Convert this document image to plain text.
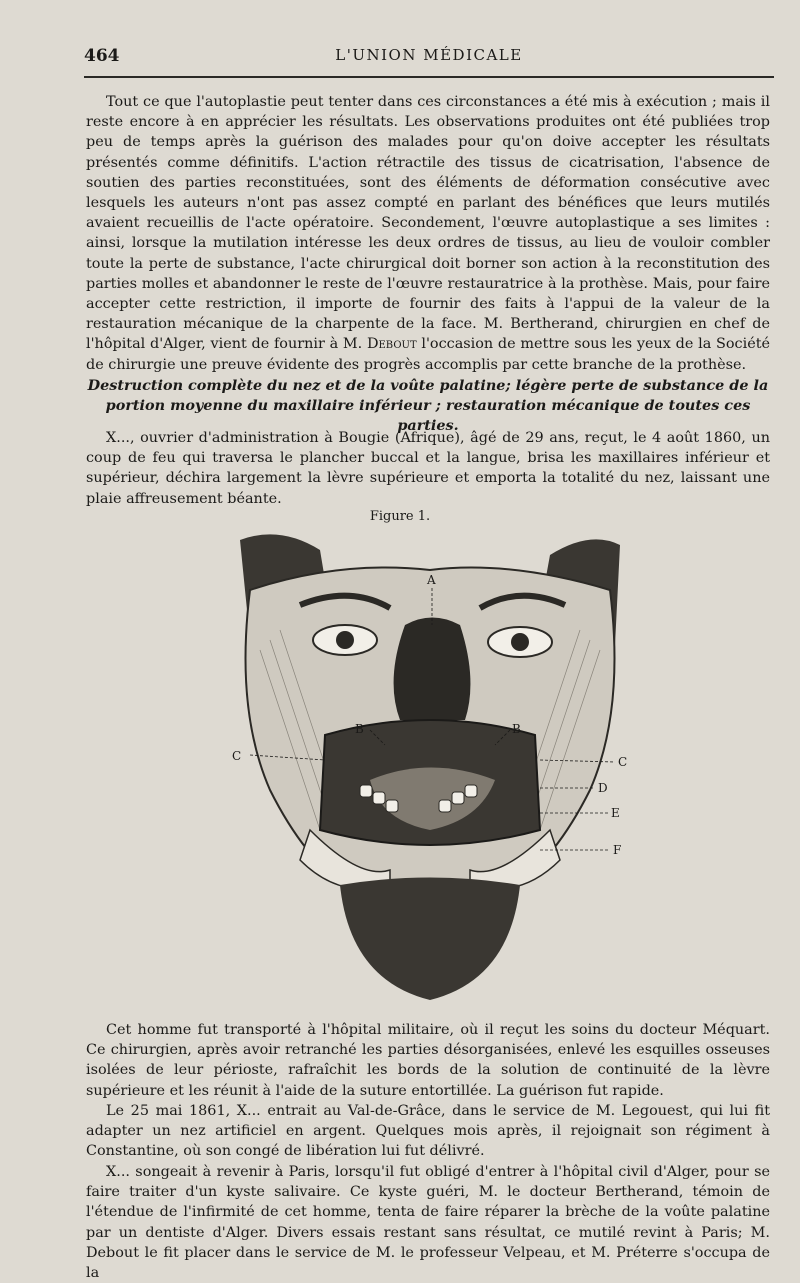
464	L'UNION MÉDICALE

Tout ce que l'autoplastie peut tenter dans ces circonstances a été mis à exécution ; mais il reste encore à en apprécier les résultats. Les observations produites ont été publiées trop peu de temps après la guérison des malades pour qu'on doive accepter les résultats présentés comme définitifs. L'action rétractile des tissus de cicatrisation, l'absence de soutien des parties reconstituées, sont des éléments de déformation consécutive avec lesquels les auteurs n'ont pas assez compté en parlant des bénéfices que leurs mutilés avaient recueillis de l'acte opératoire. Secondement, l'œuvre autoplastique a ses limites : ainsi, lorsque la mutilation intéresse les deux ordres de tissus, au lieu de vouloir combler toute la perte de substance, l'acte chirurgical doit borner son action à la reconstitution des parties molles et abandonner le reste de l'œuvre restauratrice à la prothèse. Mais, pour faire accepter cette restriction, il importe de fournir des faits à l'appui de la valeur de la restauration mécanique de la charpente de la face. M. Bertherand, chirurgien en chef de l'hôpital d'Alger, vient de fournir à M. Debout l'occasion de mettre sous les yeux de la Société de chirurgie une preuve évidente des progrès accomplis par cette branche de la prothèse.

Destruction complète du nez et de la voûte palatine; légère perte de substance de la portion moyenne du maxillaire inférieur ; restauration mécanique de toutes ces parties.

X..., ouvrier d'administration à Bougie (Afrique), âgé de 29 ans, reçut, le 4 août 1860, un coup de feu qui traversa le plancher buccal et la langue, brisa les maxillaires inférieur et supérieur, déchira largement la lèvre supérieure et emporta la totalité du nez, laissant une plaie affreusement béante.

Figure 1.
A
B	B
C	C
D
E
F

Cet homme fut transporté à l'hôpital militaire, où il reçut les soins du docteur Méquart. Ce chirurgien, après avoir retranché les parties désorganisées, enlevé les esquilles osseuses isolées de leur périoste, rafraîchit les bords de la solution de continuité de la lèvre supérieure et les réunit à l'aide de la suture entortillée. La guérison fut rapide.

Le 25 mai 1861, X... entrait au Val-de-Grâce, dans le service de M. Legouest, qui lui fit adapter un nez artificiel en argent. Quelques mois après, il rejoignait son régiment à Constantine, où son congé de libération lui fut délivré.

X... songeait à revenir à Paris, lorsqu'il fut obligé d'entrer à l'hôpital civil d'Alger, pour se faire traiter d'un kyste salivaire. Ce kyste guéri, M. le docteur Bertherand, témoin de l'étendue de l'infirmité de cet homme, tenta de faire réparer la brèche de la voûte palatine par un dentiste d'Alger. Divers essais restant sans résultat, ce mutilé revint à Paris; M. Debout le fit placer dans le service de M. le professeur Velpeau, et M. Préterre s'occupa de la
